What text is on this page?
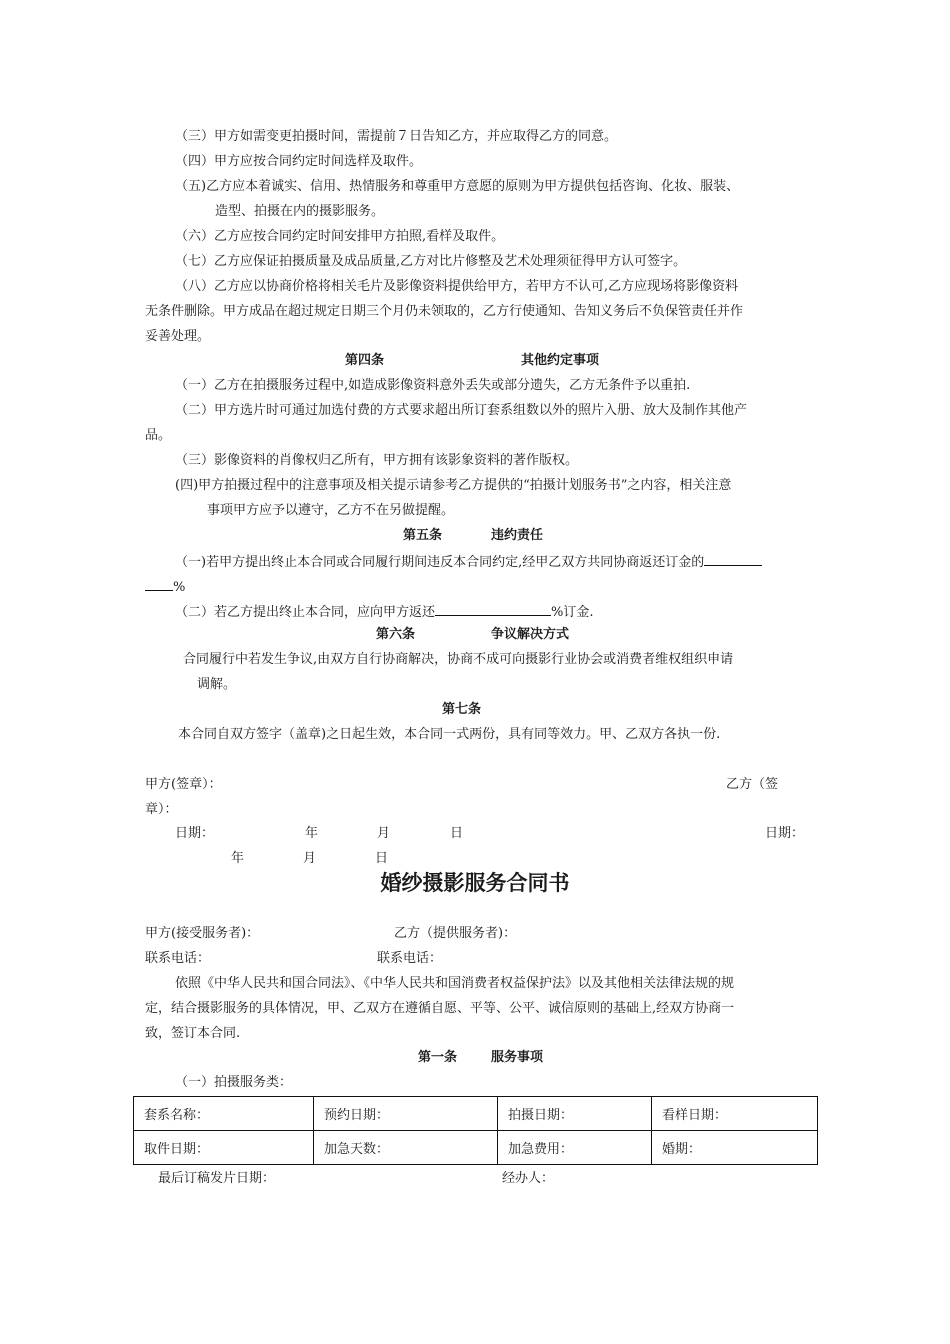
（三）甲方如需变更拍摄时间，需提前７日告知乙方，并应取得乙方的同意。
（四）甲方应按合同约定时间选样及取件。
（五)乙方应本着诚实、信用、热情服务和尊重甲方意愿的原则为甲方提供包括咨询、化妆、服装、
造型、拍摄在内的摄影服务。
（六）乙方应按合同约定时间安排甲方拍照,看样及取件。
（七）乙方应保证拍摄质量及成品质量,乙方对比片修整及艺术处理须征得甲方认可签字。
（八）乙方应以协商价格将相关毛片及影像资料提供给甲方，若甲方不认可,乙方应现场将影像资料
无条件删除。甲方成品在超过规定日期三个月仍未领取的，乙方行使通知、告知义务后不负保管责任并作
妥善处理。
第四条	其他约定事项
（一）乙方在拍摄服务过程中,如造成影像资料意外丢失或部分遗失，乙方无条件予以重拍.
（二）甲方选片时可通过加选付费的方式要求超出所订套系组数以外的照片入册、放大及制作其他产
品。
（三）影像资料的肖像权归乙所有，甲方拥有该影象资料的著作版权。
(四)甲方拍摄过程中的注意事项及相关提示请参考乙方提供的“拍摄计划服务书”之内容，相关注意
事项甲方应予以遵守，乙方不在另做提醒。
第五条	违约责任
（一)若甲方提出终止本合同或合同履行期间违反本合同约定,经甲乙双方共同协商返还订金的
%
（二）若乙方提出终止本合同，应向甲方返还	%订金.
第六条	争议解决方式
合同履行中若发生争议,由双方自行协商解决，协商不成可向摄影行业协会或消费者维权组织申请
调解。
第七条
本合同自双方签字（盖章)之日起生效，本合同一式两份，具有同等效力。甲、乙双方各执一份.
甲方(签章）：	乙方（签
章）：
日期：	年	月	日	日期：
年	月	日
婚纱摄影服务合同书
甲方(接受服务者)：	乙方（提供服务者)：
联系电话：	联系电话：
依照《中华人民共和国合同法》、《中华人民共和国消费者权益保护法》以及其他相关法律法规的规
定，结合摄影服务的具体情况，甲、乙双方在遵循自愿、平等、公平、诚信原则的基础上,经双方协商一
致，签订本合同.
第一条	服务事项
（一）拍摄服务类：
套系名称：	预约日期：	拍摄日期：	看样日期：
取件日期：	加急天数：	加急费用：	婚期：
最后订稿发片日期：	经办人：
